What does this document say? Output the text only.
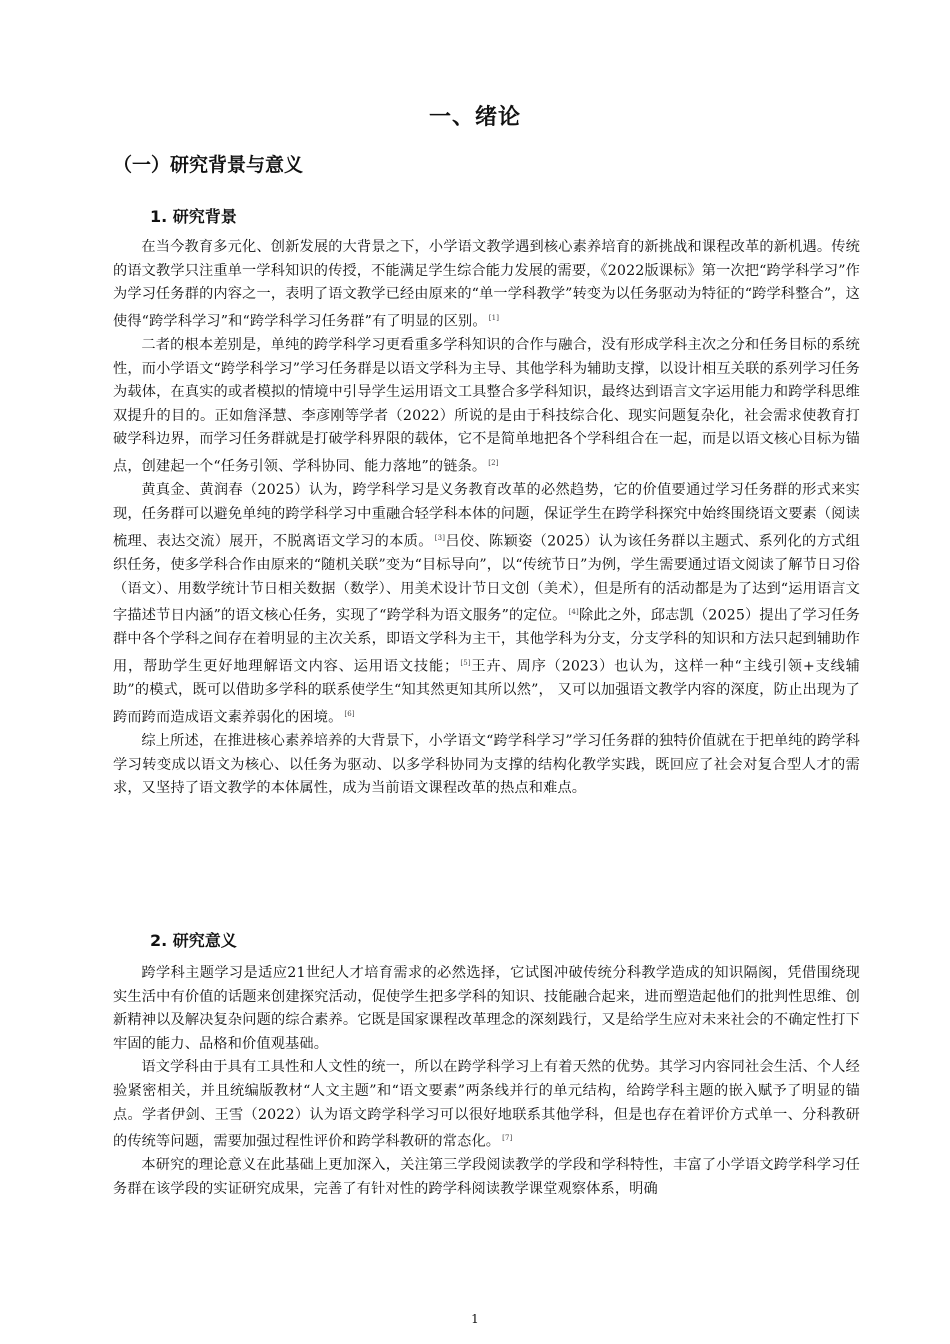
一、绪论
（一）研究背景与意义
1. 研究背景

在当今教育多元化、创新发展的大背景之下，小学语文教学遇到核心素养培育的新挑战和课程改革的新机遇。传统的语文教学只注重单一学科知识的传授，不能满足学生综合能力发展的需要，《2022版课标》第一次把“跨学科学习”作为学习任务群的内容之一，表明了语文教学已经由原来的“单一学科教学”转变为以任务驱动为特征的“跨学科整合”，这使得“跨学科学习”和“跨学科学习任务群”有了明显的区别。 [1]

二者的根本差别是，单纯的跨学科学习更看重多学科知识的合作与融合，没有形成学科主次之分和任务目标的系统性，而小学语文“跨学科学习”学习任务群是以语文学科为主导、其他学科为辅助支撑，以设计相互关联的系列学习任务为载体，在真实的或者模拟的情境中引导学生运用语文工具整合多学科知识，最终达到语言文字运用能力和跨学科思维双提升的目的。正如詹泽慧、李彦刚等学者（2022）所说的是由于科技综合化、现实问题复杂化，社会需求使教育打破学科边界，而学习任务群就是打破学科界限的载体，它不是简单地把各个学科组合在一起，而是以语文核心目标为锚点，创建起一个“任务引领、学科协同、能力落地”的链条。 [2]

黄真金、黄润春（2025）认为，跨学科学习是义务教育改革的必然趋势，它的价值要通过学习任务群的形式来实现，任务群可以避免单纯的跨学科学习中重融合轻学科本体的问题，保证学生在跨学科探究中始终围绕语文要素（阅读梳理、表达交流）展开，不脱离语文学习的本质。 [3]吕佼、陈颖姿（2025）认为该任务群以主题式、系列化的方式组织任务，使多学科合作由原来的“随机关联”变为“目标导向”，以“传统节日”为例，学生需要通过语文阅读了解节日习俗（语文）、用数学统计节日相关数据（数学）、用美术设计节日文创（美术），但是所有的活动都是为了达到“运用语言文字描述节日内涵”的语文核心任务，实现了“跨学科为语文服务”的定位。 [4]除此之外，邱志凯（2025）提出了学习任务群中各个学科之间存在着明显的主次关系，即语文学科为主干，其他学科为分支，分支学科的知识和方法只起到辅助作用，帮助学生更好地理解语文内容、运用语文技能； [5]王卉、周序（2023）也认为，这样一种“主线引领+支线辅助”的模式，既可以借助多学科的联系使学生“知其然更知其所以然”， 又可以加强语文教学内容的深度，防止出现为了跨而跨而造成语文素养弱化的困境。 [6]

综上所述，在推进核心素养培养的大背景下，小学语文“跨学科学习”学习任务群的独特价值就在于把单纯的跨学科学习转变成以语文为核心、以任务为驱动、以多学科协同为支撑的结构化教学实践，既回应了社会对复合型人才的需求，又坚持了语文教学的本体属性，成为当前语文课程改革的热点和难点。

2. 研究意义

跨学科主题学习是适应21世纪人才培育需求的必然选择，它试图冲破传统分科教学造成的知识隔阂，凭借围绕现实生活中有价值的话题来创建探究活动，促使学生把多学科的知识、技能融合起来，进而塑造起他们的批判性思维、创新精神以及解决复杂问题的综合素养。它既是国家课程改革理念的深刻践行，又是给学生应对未来社会的不确定性打下牢固的能力、品格和价值观基础。

语文学科由于具有工具性和人文性的统一，所以在跨学科学习上有着天然的优势。其学习内容同社会生活、个人经验紧密相关，并且统编版教材“人文主题”和“语文要素”两条线并行的单元结构，给跨学科主题的嵌入赋予了明显的锚点。学者伊剑、王雪（2022）认为语文跨学科学习可以很好地联系其他学科，但是也存在着评价方式单一、分科教研的传统等问题，需要加强过程性评价和跨学科教研的常态化。 [7]

本研究的理论意义在此基础上更加深入，关注第三学段阅读教学的学段和学科特性，丰富了小学语文跨学科学习任务群在该学段的实证研究成果，完善了有针对性的跨学科阅读教学课堂观察体系，明确

1
